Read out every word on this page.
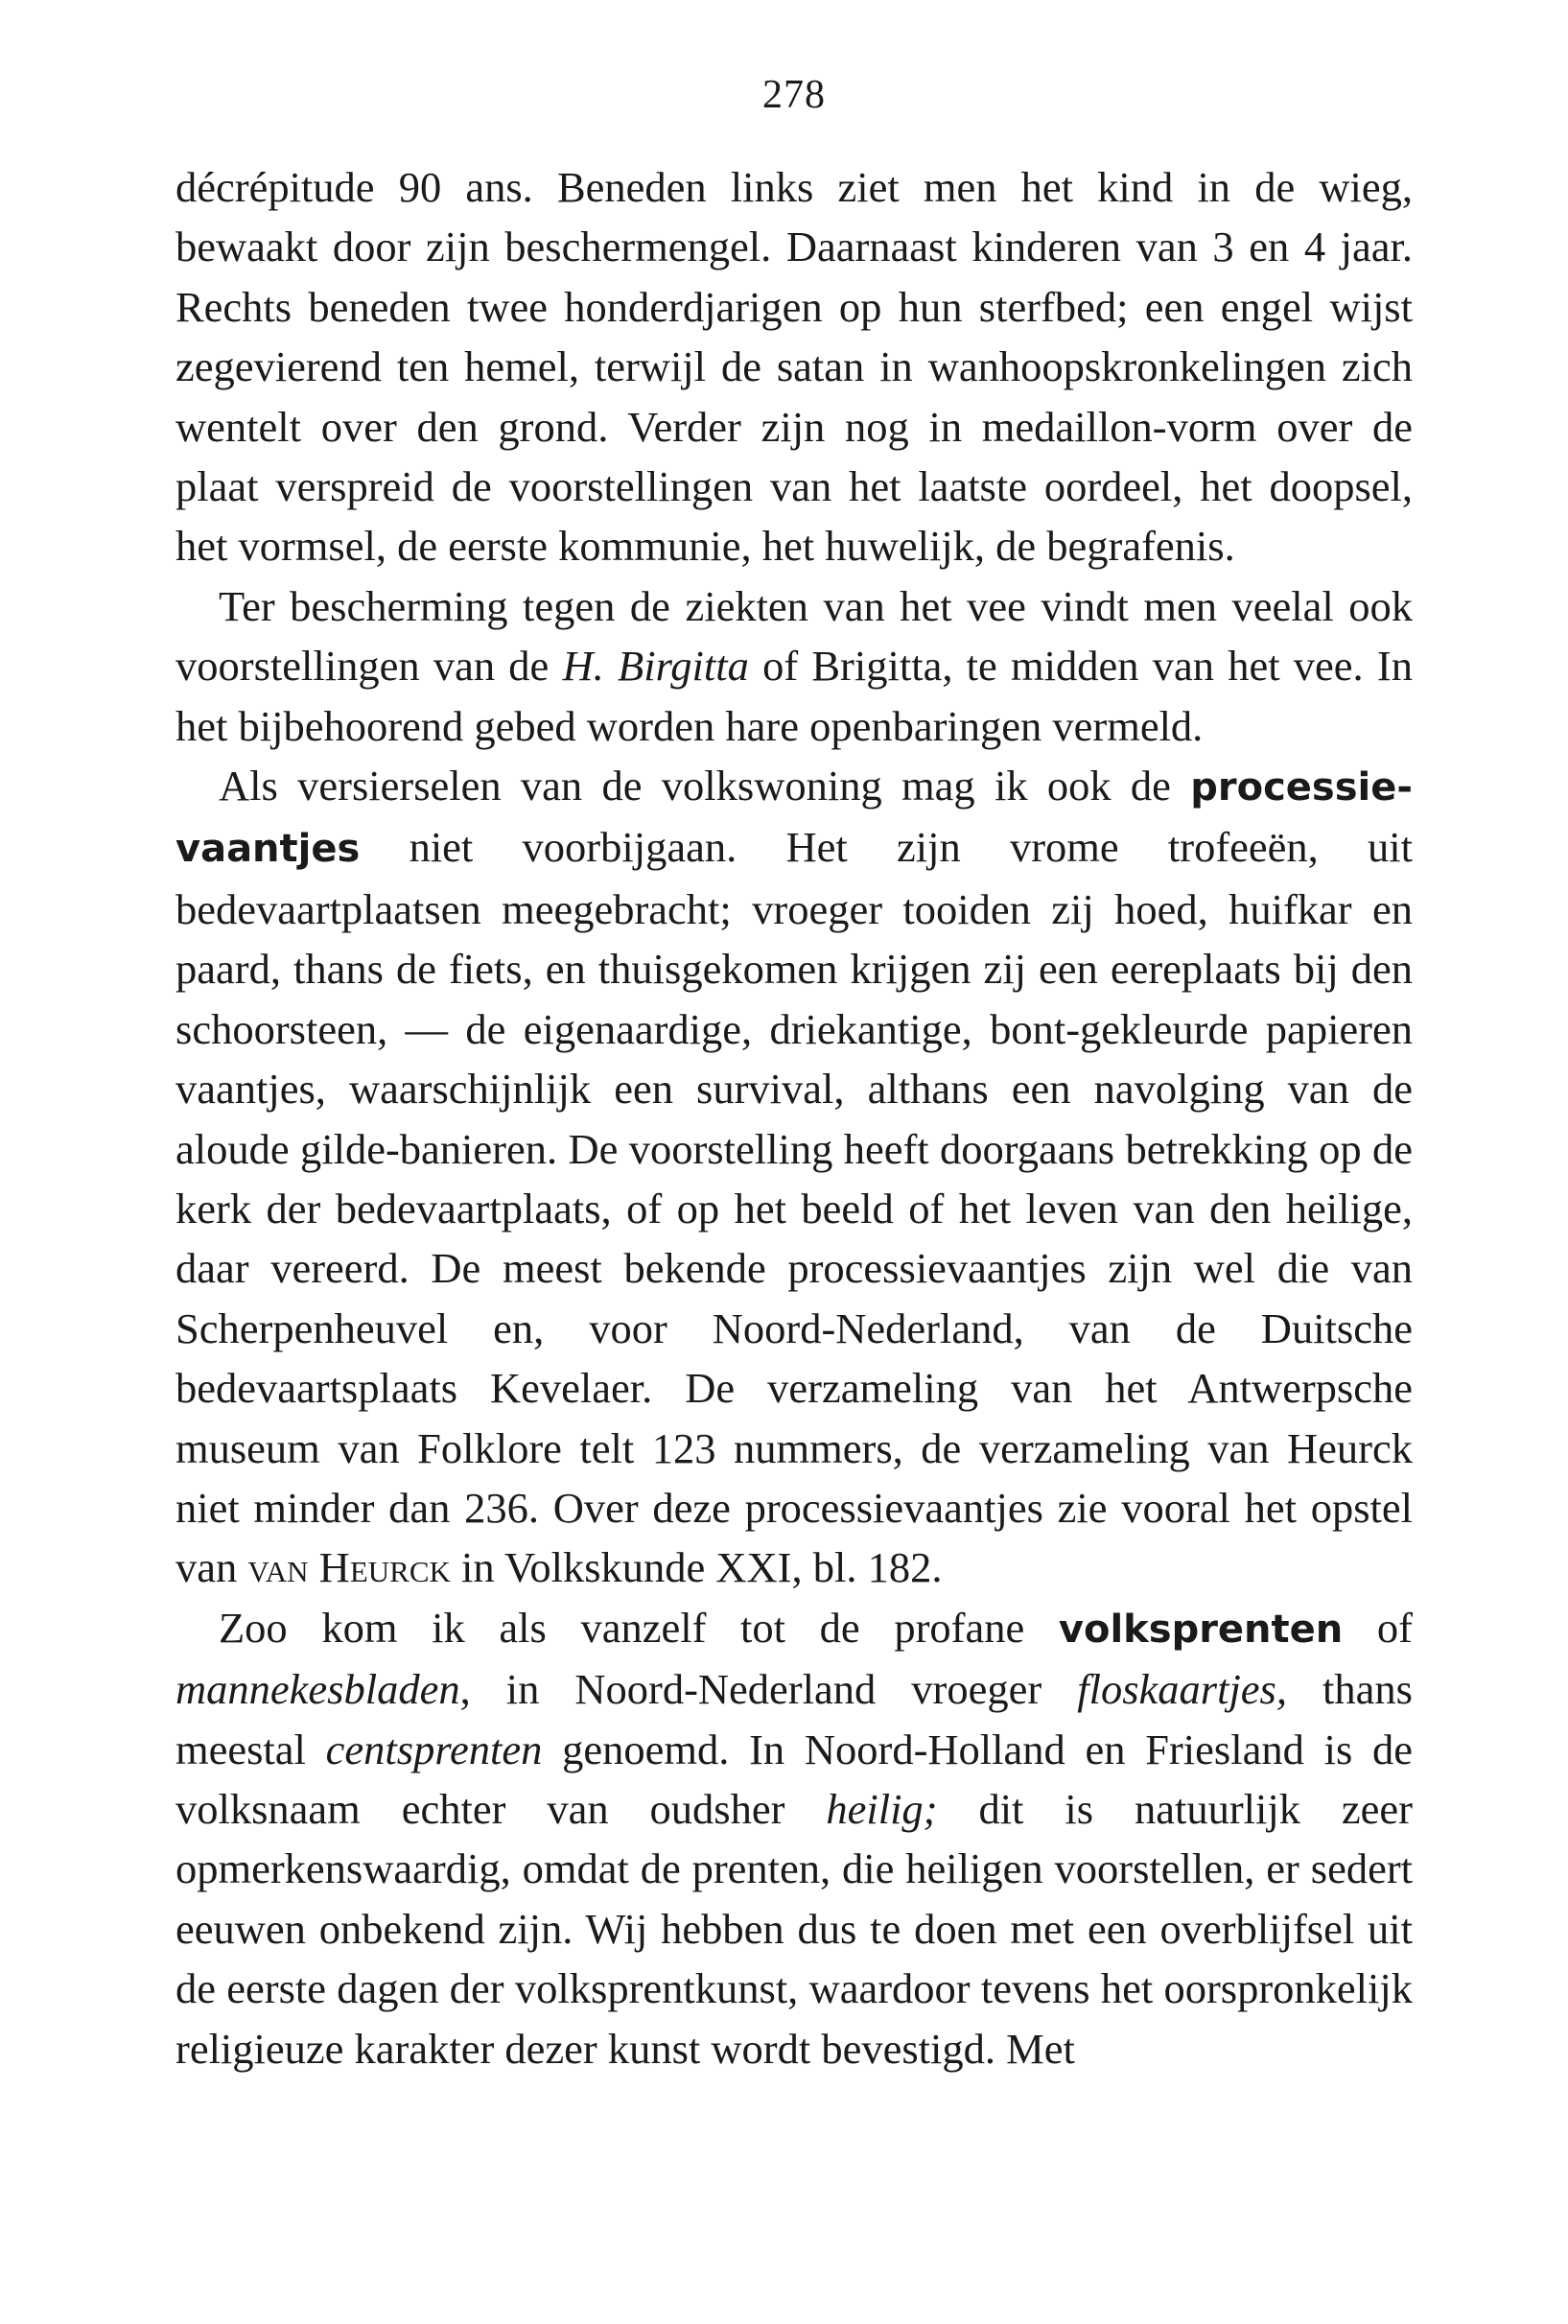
278

décrépitude 90 ans. Beneden links ziet men het kind in de wieg, bewaakt door zijn beschermengel. Daarnaast kinderen van 3 en 4 jaar. Rechts beneden twee honderdjarigen op hun sterfbed; een engel wijst zegevierend ten hemel, terwijl de satan in wanhoopskronkelingen zich wentelt over den grond. Verder zijn nog in medaillon-vorm over de plaat verspreid de voorstellingen van het laatste oordeel, het doopsel, het vormsel, de eerste kommunie, het huwelijk, de begrafenis.

Ter bescherming tegen de ziekten van het vee vindt men veelal ook voorstellingen van de H. Birgitta of Brigitta, te midden van het vee. In het bijbehoorend gebed worden hare openbaringen vermeld.

Als versierselen van de volkswoning mag ik ook de processie-vaantjes niet voorbijgaan. Het zijn vrome trofeeën, uit bedevaartplaatsen meegebracht; vroeger tooiden zij hoed, huifkar en paard, thans de fiets, en thuisgekomen krijgen zij een eereplaats bij den schoorsteen, — de eigenaardige, driekantige, bont-gekleurde papieren vaantjes, waarschijnlijk een survival, althans een navolging van de aloude gilde-banieren. De voorstelling heeft doorgaans betrekking op de kerk der bedevaartplaats, of op het beeld of het leven van den heilige, daar vereerd. De meest bekende processievaantjes zijn wel die van Scherpenheuvel en, voor Noord-Nederland, van de Duitsche bedevaartsplaats Kevelaer. De verzameling van het Antwerpsche museum van Folklore telt 123 nummers, de verzameling van Heurck niet minder dan 236. Over deze processievaantjes zie vooral het opstel van van Heurck in Volkskunde XXI, bl. 182.

Zoo kom ik als vanzelf tot de profane volksprenten of mannekesbladen, in Noord-Nederland vroeger floskaartjes, thans meestal centsprenten genoemd. In Noord-Holland en Friesland is de volksnaam echter van oudsher heilig; dit is natuurlijk zeer opmerkenswaardig, omdat de prenten, die heiligen voorstellen, er sedert eeuwen onbekend zijn. Wij hebben dus te doen met een overblijfsel uit de eerste dagen der volksprentkunst, waardoor tevens het oorspronkelijk religieuze karakter dezer kunst wordt bevestigd. Met
